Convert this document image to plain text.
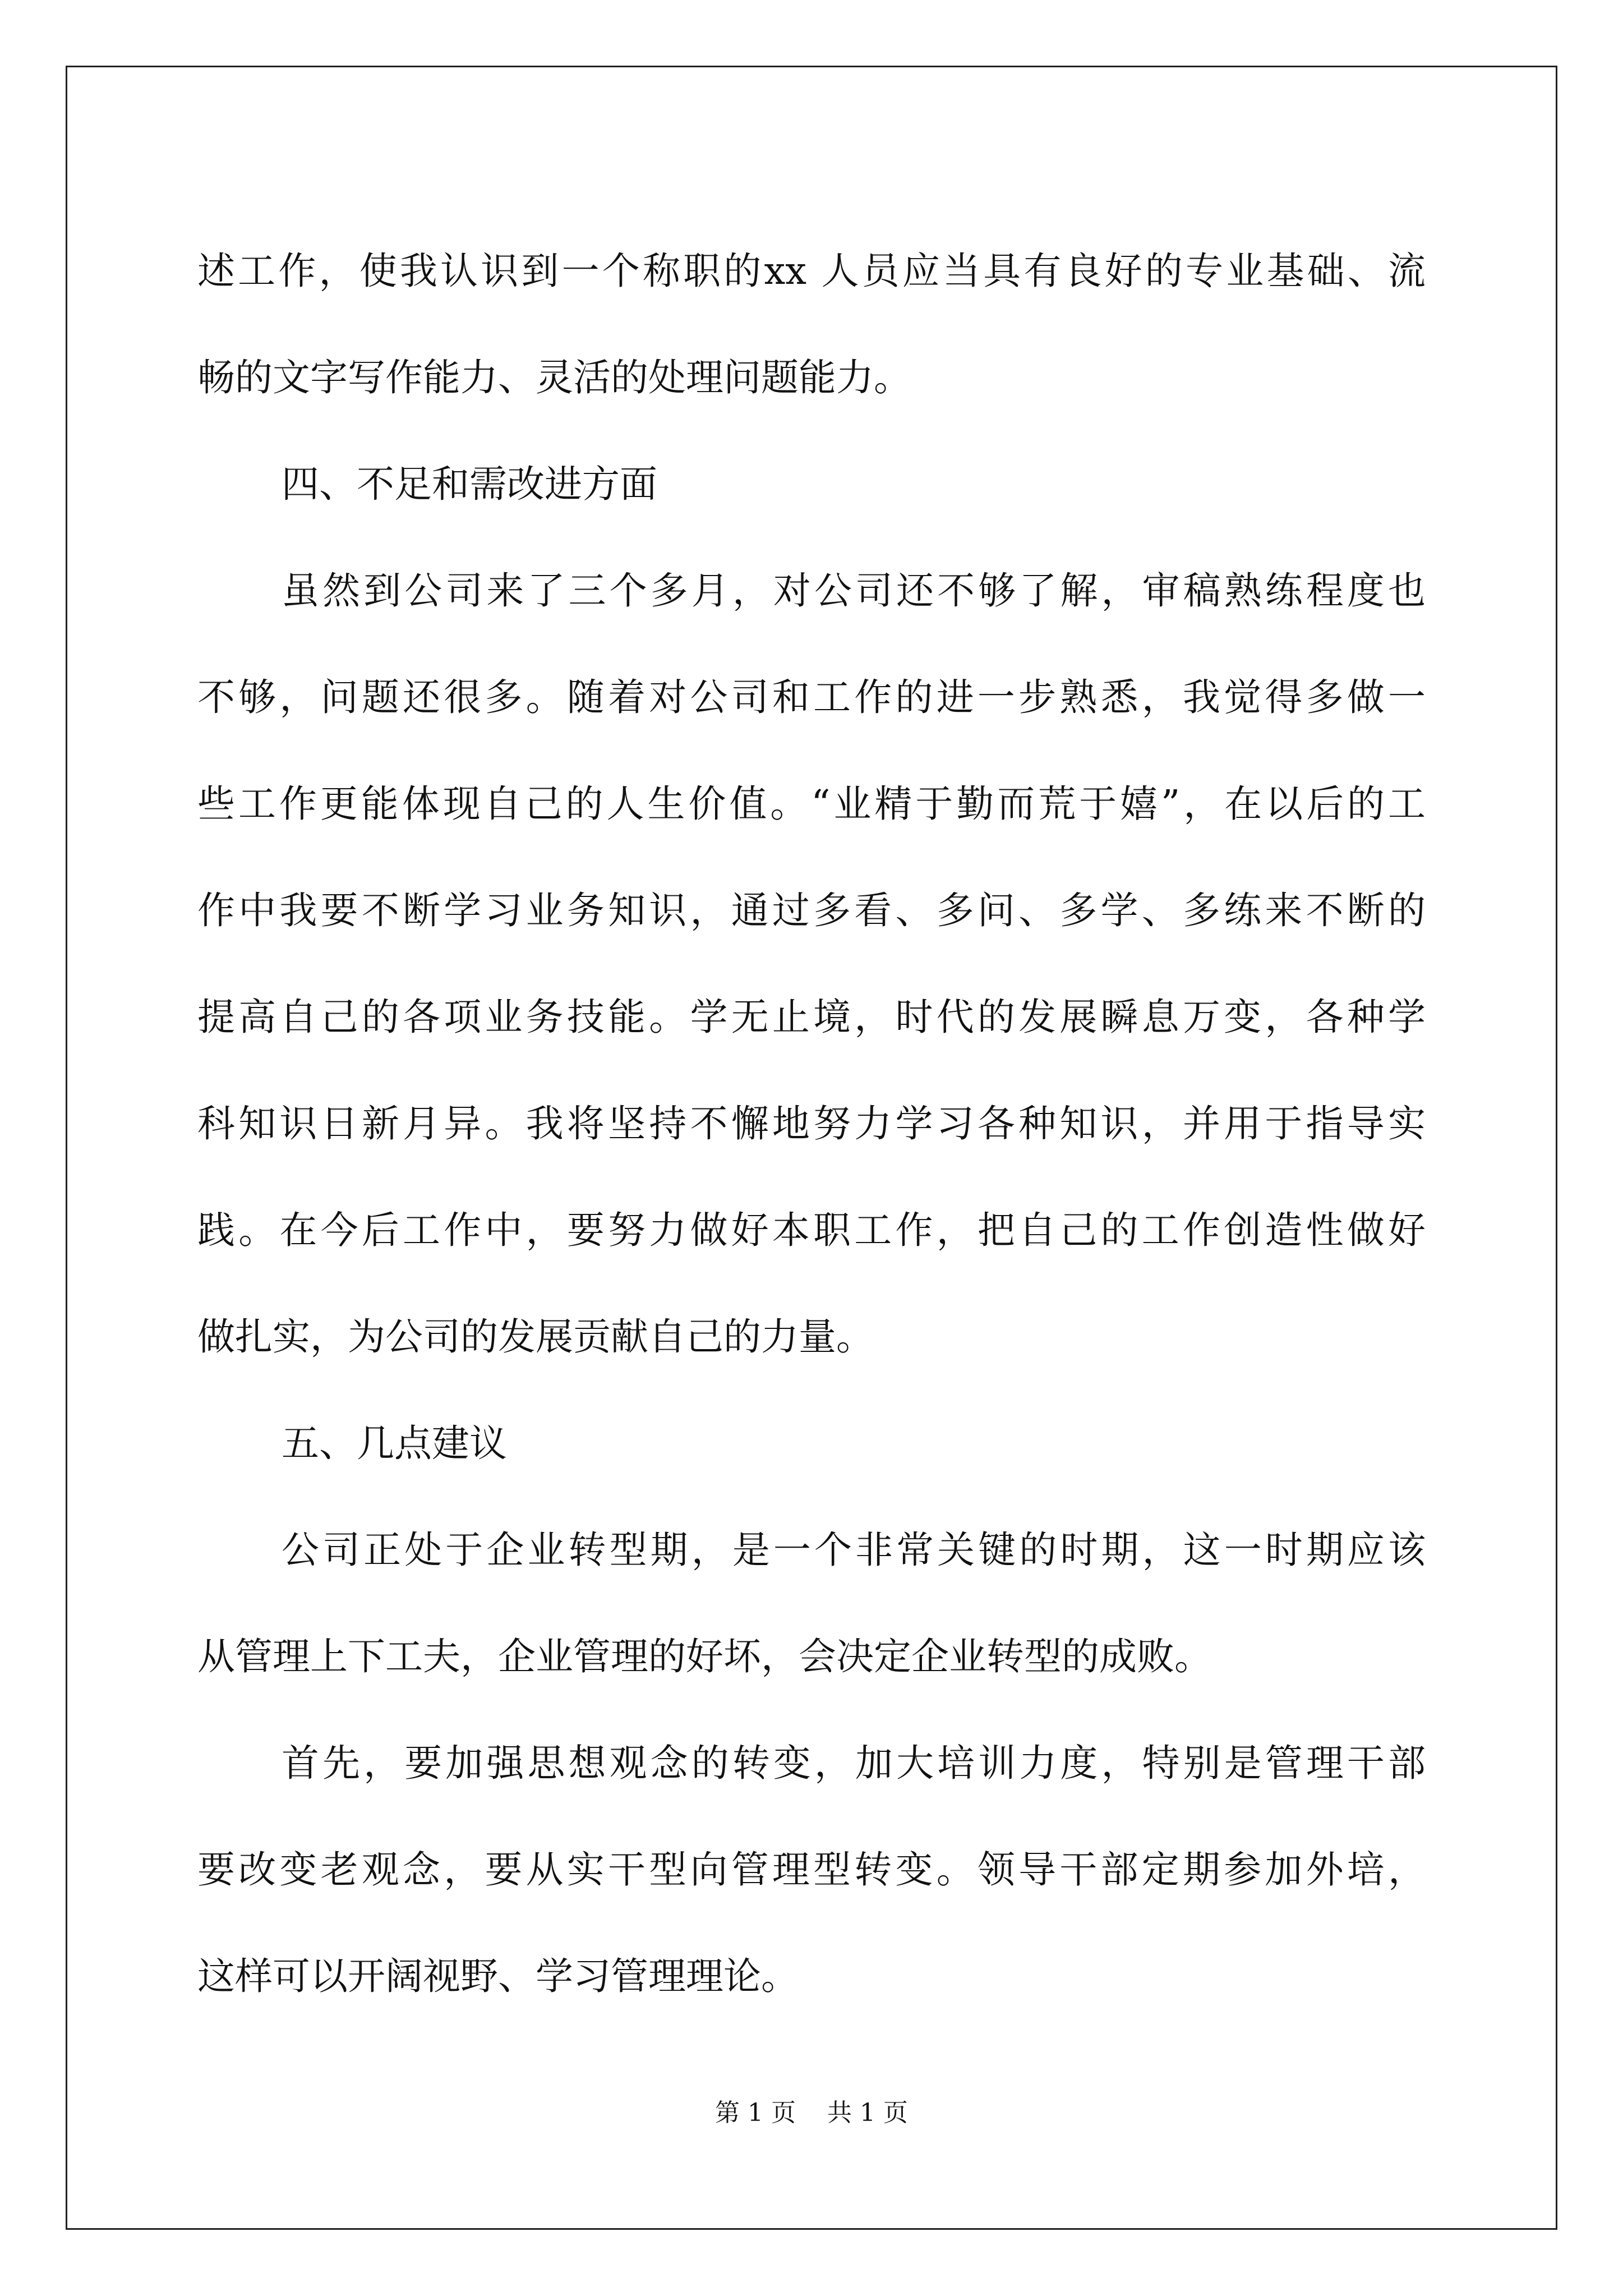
述工作，使我认识到一个称职的xx 人员应当具有良好的专业基础、流
畅的文字写作能力、灵活的处理问题能力。
四、不足和需改进方面
虽然到公司来了三个多月，对公司还不够了解，审稿熟练程度也
不够，问题还很多。随着对公司和工作的进一步熟悉，我觉得多做一
些工作更能体现自己的人生价值。“业精于勤而荒于嬉”，在以后的工
作中我要不断学习业务知识，通过多看、多问、多学、多练来不断的
提高自己的各项业务技能。学无止境，时代的发展瞬息万变，各种学
科知识日新月异。我将坚持不懈地努力学习各种知识，并用于指导实
践。在今后工作中，要努力做好本职工作，把自己的工作创造性做好
做扎实，为公司的发展贡献自己的力量。
五、几点建议
公司正处于企业转型期，是一个非常关键的时期，这一时期应该
从管理上下工夫，企业管理的好坏，会决定企业转型的成败。
首先，要加强思想观念的转变，加大培训力度，特别是管理干部
要改变老观念，要从实干型向管理型转变。领导干部定期参加外培，
这样可以开阔视野、学习管理理论。
第 1 页    共 1 页
